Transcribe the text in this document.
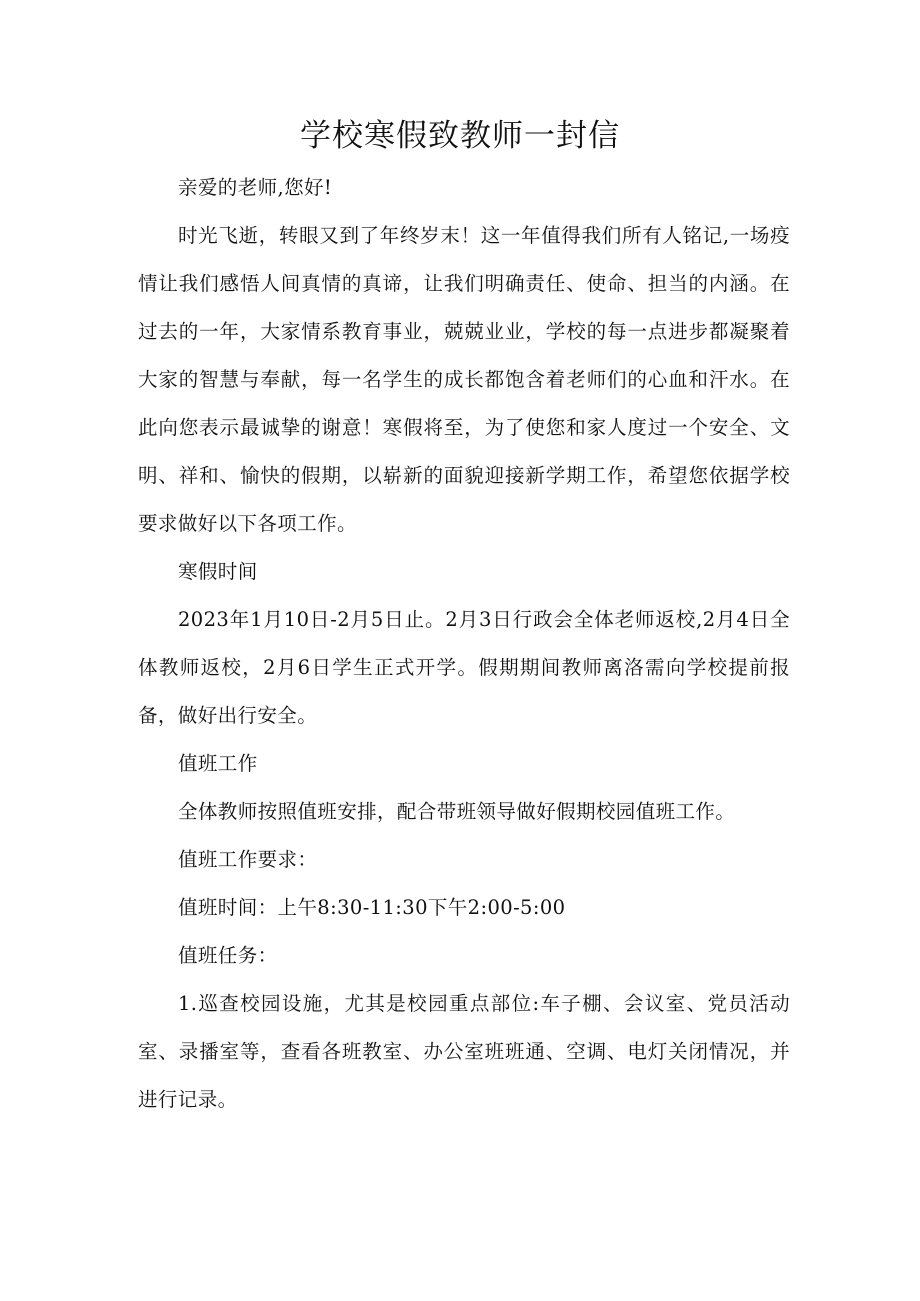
学校寒假致教师一封信

亲爱的老师,您好!

时光飞逝，转眼又到了年终岁末！这一年值得我们所有人铭记,一场疫情让我们感悟人间真情的真谛，让我们明确责任、使命、担当的内涵。在过去的一年，大家情系教育事业，兢兢业业，学校的每一点进步都凝聚着大家的智慧与奉献，每一名学生的成长都饱含着老师们的心血和汗水。在此向您表示最诚挚的谢意！寒假将至，为了使您和家人度过一个安全、文明、祥和、愉快的假期，以崭新的面貌迎接新学期工作，希望您依据学校要求做好以下各项工作。

寒假时间

2023年1月10日-2月5日止。2月3日行政会全体老师返校,2月4日全体教师返校，2月6日学生正式开学。假期期间教师离洛需向学校提前报备，做好出行安全。

值班工作

全体教师按照值班安排，配合带班领导做好假期校园值班工作。

值班工作要求：

值班时间：上午8:30-11:30下午2:00-5:00

值班任务：

1.巡查校园设施，尤其是校园重点部位:车子棚、会议室、党员活动室、录播室等，查看各班教室、办公室班班通、空调、电灯关闭情况，并进行记录。
